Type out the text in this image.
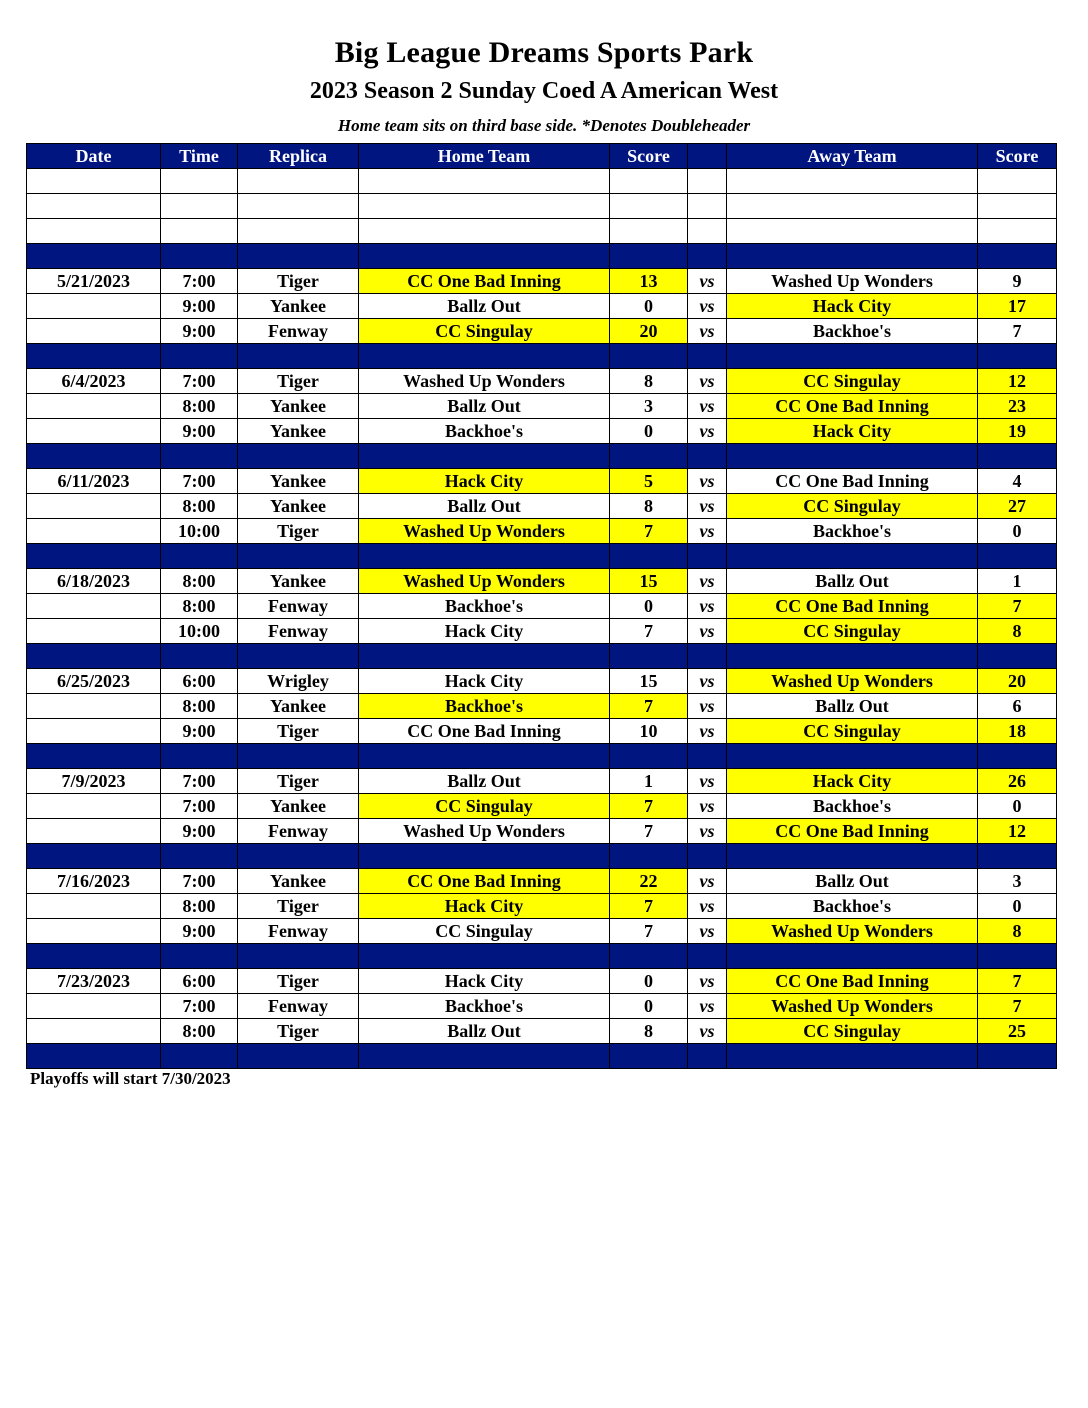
Big League Dreams Sports Park
2023 Season 2 Sunday Coed A American West
Home team sits on third base side. *Denotes Doubleheader
Date	Time	Replica	Home Team	Score		Away Team	Score

5/21/2023	7:00	Tiger	CC One Bad Inning	13	vs	Washed Up Wonders	9
	9:00	Yankee	Ballz Out	0	vs	Hack City	17
	9:00	Fenway	CC Singulay	20	vs	Backhoe's	7

6/4/2023	7:00	Tiger	Washed Up Wonders	8	vs	CC Singulay	12
	8:00	Yankee	Ballz Out	3	vs	CC One Bad Inning	23
	9:00	Yankee	Backhoe's	0	vs	Hack City	19

6/11/2023	7:00	Yankee	Hack City	5	vs	CC One Bad Inning	4
	8:00	Yankee	Ballz Out	8	vs	CC Singulay	27
	10:00	Tiger	Washed Up Wonders	7	vs	Backhoe's	0

6/18/2023	8:00	Yankee	Washed Up Wonders	15	vs	Ballz Out	1
	8:00	Fenway	Backhoe's	0	vs	CC One Bad Inning	7
	10:00	Fenway	Hack City	7	vs	CC Singulay	8

6/25/2023	6:00	Wrigley	Hack City	15	vs	Washed Up Wonders	20
	8:00	Yankee	Backhoe's	7	vs	Ballz Out	6
	9:00	Tiger	CC One Bad Inning	10	vs	CC Singulay	18

7/9/2023	7:00	Tiger	Ballz Out	1	vs	Hack City	26
	7:00	Yankee	CC Singulay	7	vs	Backhoe's	0
	9:00	Fenway	Washed Up Wonders	7	vs	CC One Bad Inning	12

7/16/2023	7:00	Yankee	CC One Bad Inning	22	vs	Ballz Out	3
	8:00	Tiger	Hack City	7	vs	Backhoe's	0
	9:00	Fenway	CC Singulay	7	vs	Washed Up Wonders	8

7/23/2023	6:00	Tiger	Hack City	0	vs	CC One Bad Inning	7
	7:00	Fenway	Backhoe's	0	vs	Washed Up Wonders	7
	8:00	Tiger	Ballz Out	8	vs	CC Singulay	25

Playoffs will start 7/30/2023
